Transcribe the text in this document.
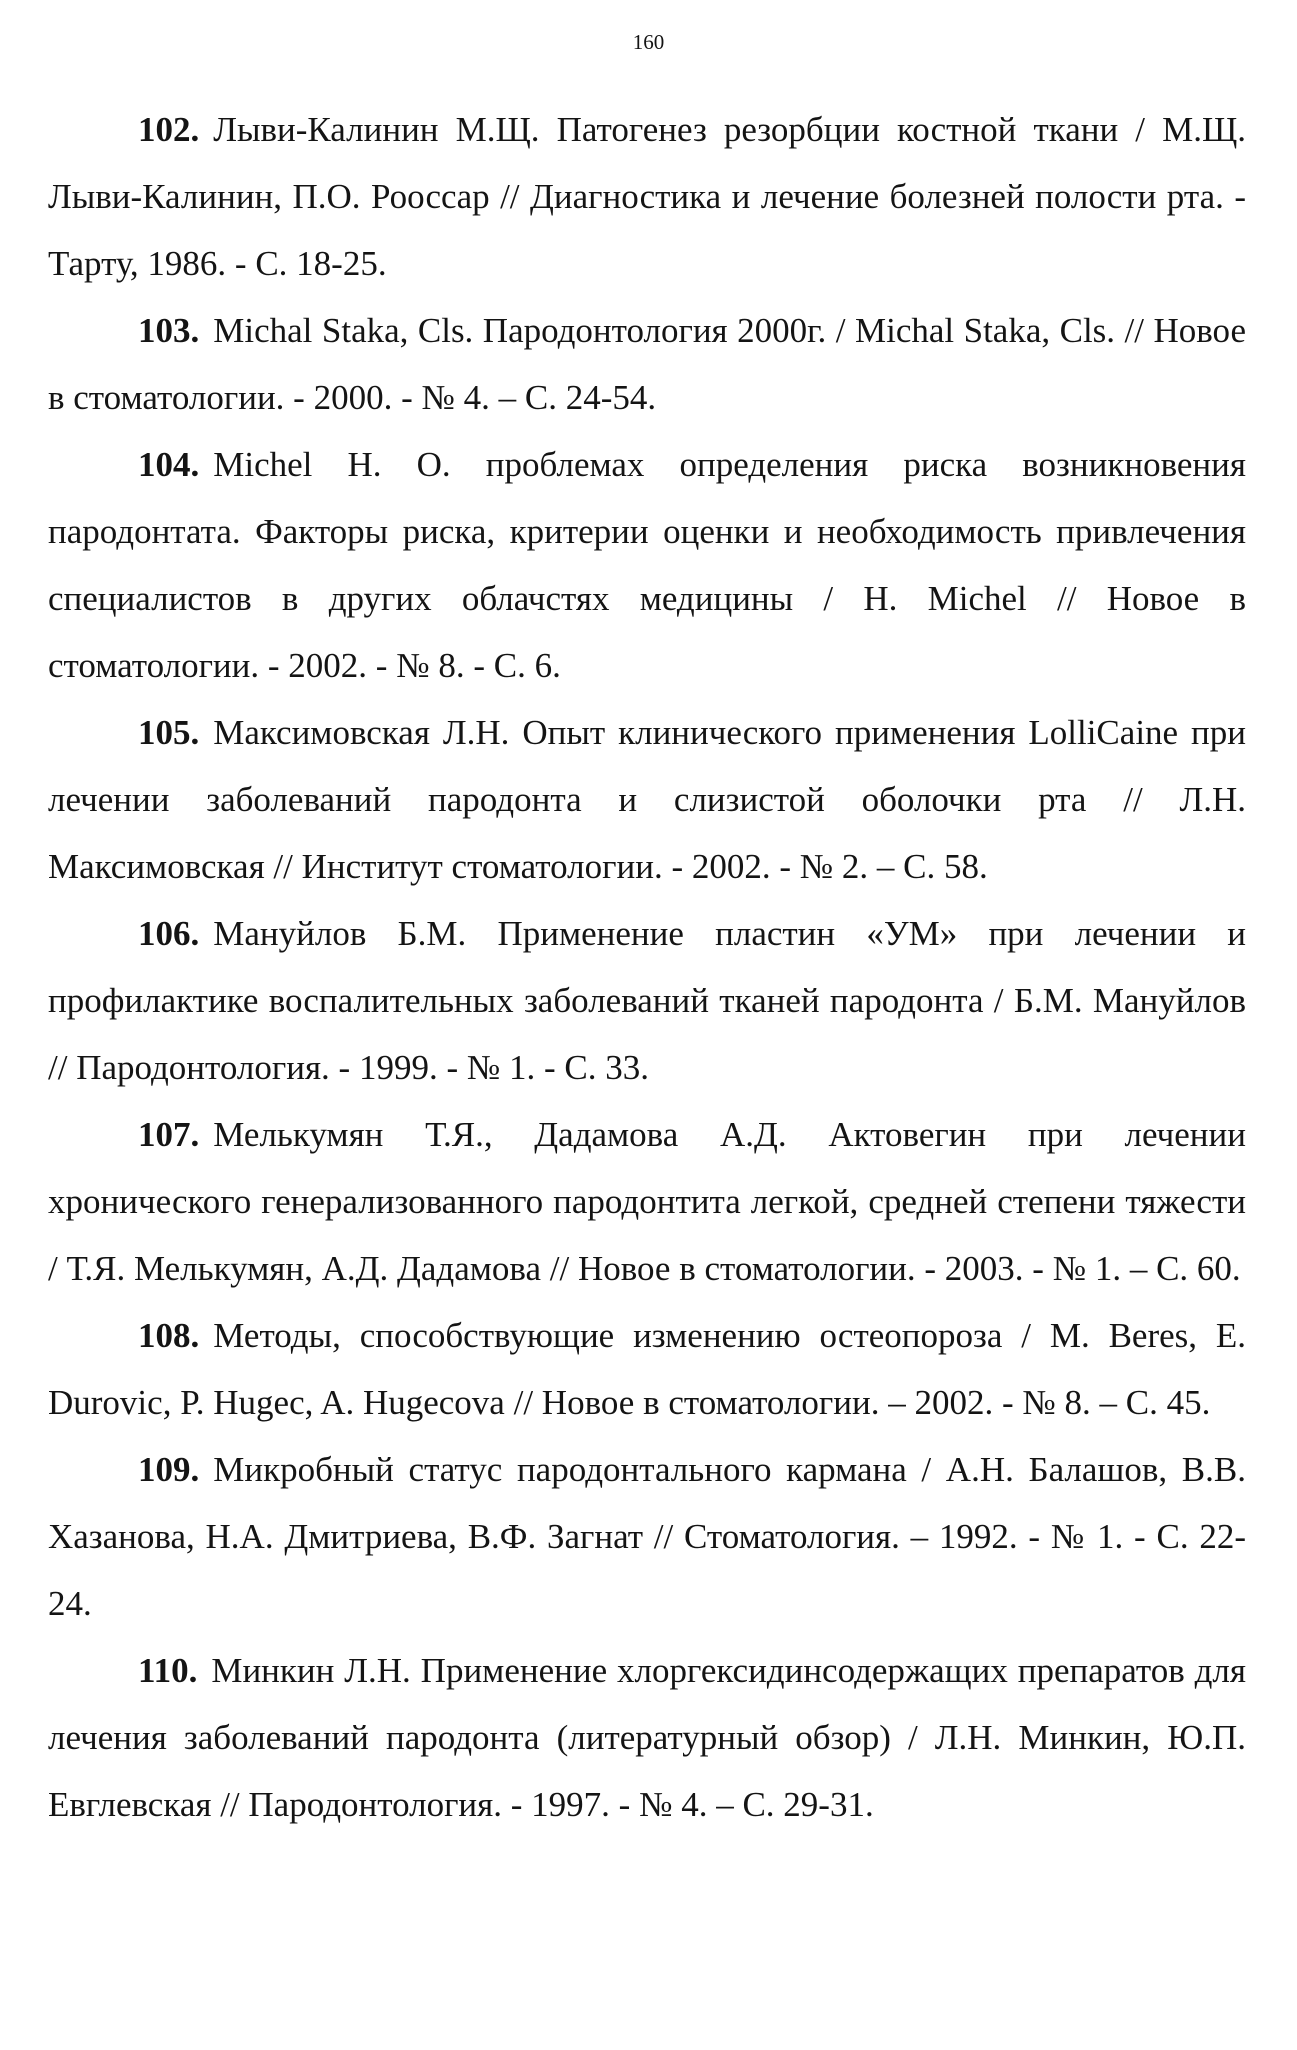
160

102. Лыви-Калинин М.Щ. Патогенез резорбции костной ткани / М.Щ. Лыви-Калинин, П.О. Роосcар // Диагностика и лечение болезней полости рта. - Тарту, 1986. - С. 18-25.

103. Michal Staka, Cls. Пародонтология 2000г. / Michal Staka, Cls. // Новое в стоматологии. - 2000. - № 4. – С. 24-54.

104. Michel H. O. проблемах определения риска возникновения пародонтата. Факторы риска, критерии оценки и необходимость привлечения специалистов в других облачстях медицины / H. Michel // Новое в стоматологии. - 2002. - № 8. - С. 6.

105. Максимовская Л.Н. Опыт клинического применения LolliCaine при лечении заболеваний пародонта и слизистой оболочки рта // Л.Н. Максимовская // Институт стоматологии. - 2002. - № 2. – С. 58.

106. Мануйлов Б.М. Применение пластин «УМ» при лечении и профилактике воспалительных заболеваний тканей пародонта / Б.М. Мануйлов // Пародонтология. - 1999. - № 1. - С. 33.

107. Мелькумян Т.Я., Дадамова А.Д. Актовегин при лечении хронического генерализованного пародонтита легкой, средней степени тяжести / Т.Я. Мелькумян, А.Д. Дадамова // Новое в стоматологии. - 2003. - № 1. – С. 60.

108. Методы, способствующие изменению остеопороза / M. Beres, E. Durovic, P. Hugec, A. Hugecova // Новое в стоматологии. – 2002. - № 8. – С. 45.

109. Микробный статус пародонтального кармана / А.Н. Балашов, В.В. Хазанова, Н.А. Дмитриева, В.Ф. Загнат // Стоматология. – 1992. - № 1. - С. 22-24.

110. Минкин Л.Н. Применение хлоргексидинсодержащих препаратов для лечения заболеваний пародонта (литературный обзор) / Л.Н. Минкин, Ю.П. Евглевская // Пародонтология. - 1997. - № 4. – С. 29-31.
